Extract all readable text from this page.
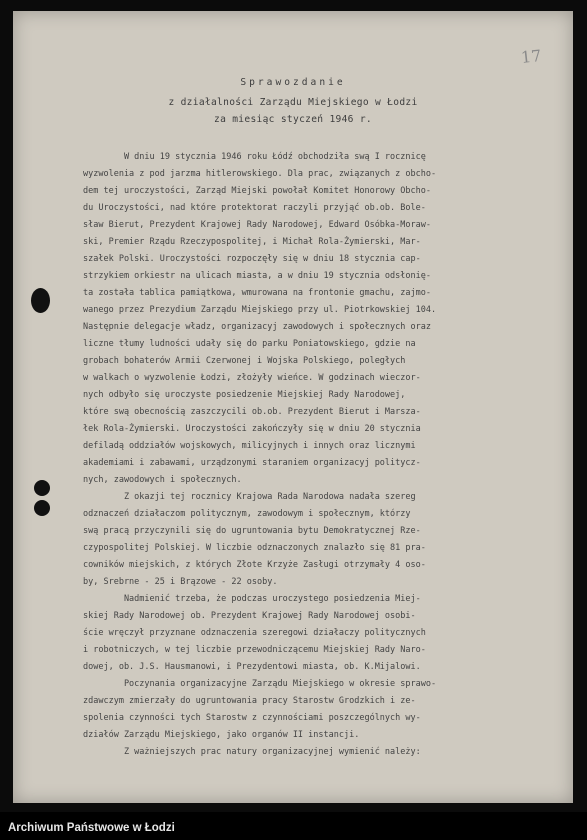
17
Sprawozdanie
z działalności Zarządu Miejskiego w Łodzi
za miesiąc styczeń 1946 r.
W dniu 19 stycznia 1946 roku Łódź obchodziła swą I rocznicę
wyzwolenia z pod jarzma hitlerowskiego. Dla prac, związanych z obcho-
dem tej uroczystości, Zarząd Miejski powołał Komitet Honorowy Obcho-
du Uroczystości, nad które protektorat raczyli przyjąć ob.ob. Bole-
sław Bierut, Prezydent Krajowej Rady Narodowej, Edward Osóbka-Moraw-
ski, Premier Rządu Rzeczypospolitej, i Michał Rola-Żymierski, Mar-
szałek Polski. Uroczystości rozpoczęły się w dniu 18 stycznia cap-
strzykiem orkiestr na ulicach miasta, a w dniu 19 stycznia odsłonię-
ta została tablica pamiątkowa, wmurowana na frontonie gmachu, zajmo-
wanego przez Prezydium Zarządu Miejskiego przy ul. Piotrkowskiej 104.
Następnie delegacje władz, organizacyj zawodowych i społecznych oraz
liczne tłumy ludności udały się do parku Poniatowskiego, gdzie na
grobach bohaterów Armii Czerwonej i Wojska Polskiego, poległych
w walkach o wyzwolenie Łodzi, złożyły wieńce. W godzinach wieczor-
nych odbyło się uroczyste posiedzenie Miejskiej Rady Narodowej,
które swą obecnością zaszczycili ob.ob. Prezydent Bierut i Marsza-
łek Rola-Żymierski. Uroczystości zakończyły się w dniu 20 stycznia
defiladą oddziałów wojskowych, milicyjnych i innych oraz licznymi
akademiami i zabawami, urządzonymi staraniem organizacyj politycz-
nych, zawodowych i społecznych.
Z okazji tej rocznicy Krajowa Rada Narodowa nadała szereg
odznaczeń działaczom politycznym, zawodowym i społecznym, którzy
swą pracą przyczynili się do ugruntowania bytu Demokratycznej Rze-
czypospolitej Polskiej. W liczbie odznaczonych znalazło się 81 pra-
cowników miejskich, z których Złote Krzyże Zasługi otrzymały 4 oso-
by, Srebrne - 25 i Brązowe - 22 osoby.
Nadmienić trzeba, że podczas uroczystego posiedzenia Miej-
skiej Rady Narodowej ob. Prezydent Krajowej Rady Narodowej osobi-
ście wręczył przyznane odznaczenia szeregowi działaczy politycznych
i robotniczych, w tej liczbie przewodniczącemu Miejskiej Rady Naro-
dowej, ob. J.S. Hausmanowi, i Prezydentowi miasta, ob. K.Mijalowi.
Poczynania organizacyjne Zarządu Miejskiego w okresie sprawo-
zdawczym zmierzały do ugruntowania pracy Starostw Grodzkich i ze-
spolenia czynności tych Starostw z czynnościami poszczególnych wy-
działów Zarządu Miejskiego, jako organów II instancji.
Z ważniejszych prac natury organizacyjnej wymienić należy:
Archiwum Państwowe w Łodzi
